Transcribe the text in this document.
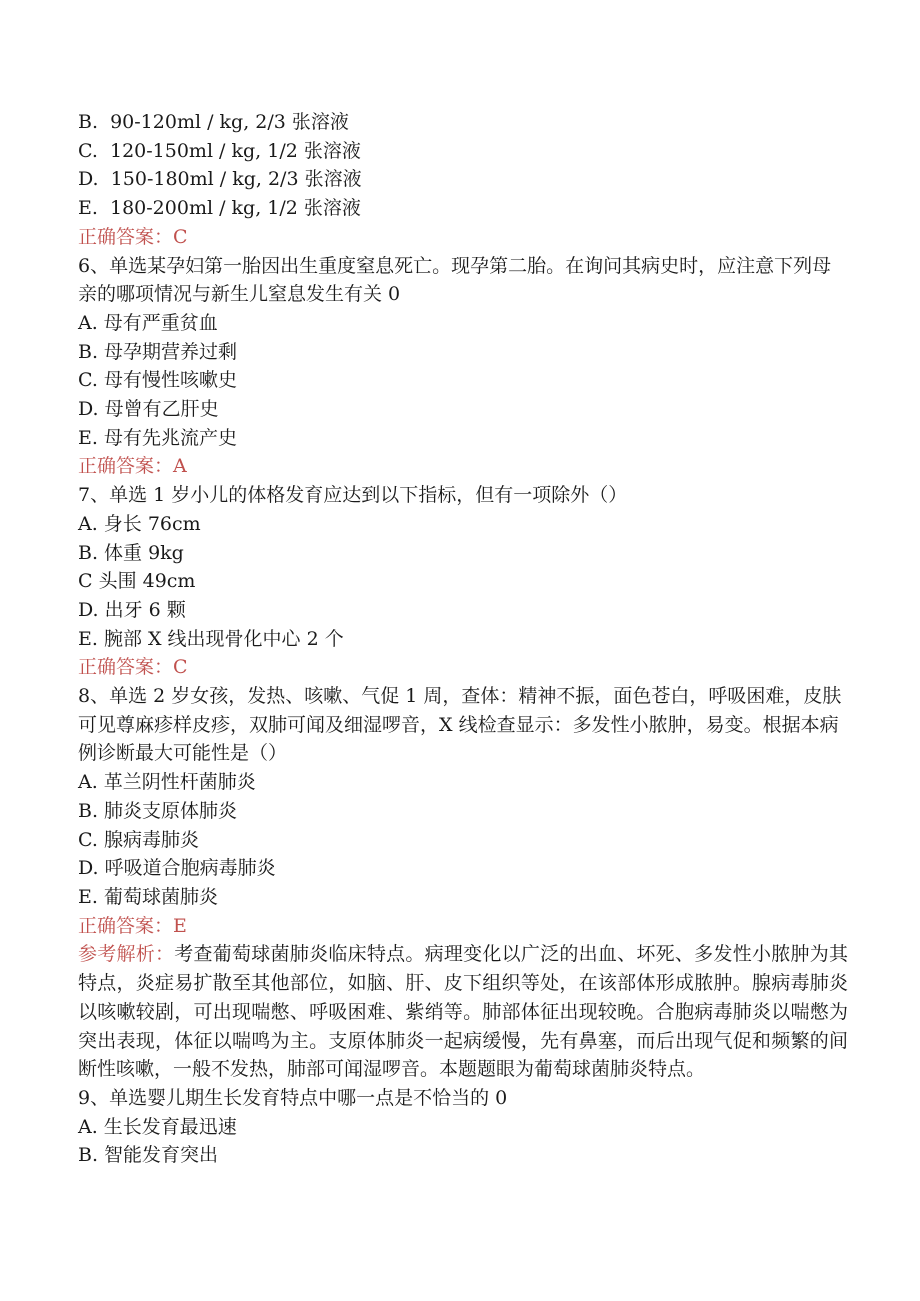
B.  90-120ml / kg, 2/3 张溶液
C.  120-150ml / kg, 1/2 张溶液
D.  150-180ml / kg, 2/3 张溶液
E.  180-200ml / kg, 1/2 张溶液
正确答案：C
6、单选某孕妇第一胎因出生重度窒息死亡。现孕第二胎。在询问其病史时，应注意下列母亲的哪项情况与新生儿窒息发生有关 0
A. 母有严重贫血
B. 母孕期营养过剩
C. 母有慢性咳嗽史
D. 母曾有乙肝史
E. 母有先兆流产史
正确答案：A
7、单选 1 岁小儿的体格发育应达到以下指标，但有一项除外（）
A. 身长 76cm
B. 体重 9kg
C 头围 49cm
D. 出牙 6 颗
E. 腕部 X 线出现骨化中心 2 个
正确答案：C
8、单选 2 岁女孩，发热、咳嗽、气促 1 周，查体：精神不振，面色苍白，呼吸困难，皮肤可见尊麻疹样皮疹，双肺可闻及细湿啰音，X 线检查显示：多发性小脓肿，易变。根据本病例诊断最大可能性是（）
A. 革兰阴性杆菌肺炎
B. 肺炎支原体肺炎
C. 腺病毒肺炎
D. 呼吸道合胞病毒肺炎
E. 葡萄球菌肺炎
正确答案：E
参考解析：考查葡萄球菌肺炎临床特点。病理变化以广泛的出血、坏死、多发性小脓肿为其特点，炎症易扩散至其他部位，如脑、肝、皮下组织等处，在该部体形成脓肿。腺病毒肺炎以咳嗽较剧，可出现喘憋、呼吸困难、紫绡等。肺部体征出现较晚。合胞病毒肺炎以喘憋为突出表现，体征以喘鸣为主。支原体肺炎一起病缓慢，先有鼻塞，而后出现气促和频繁的间断性咳嗽，一般不发热，肺部可闻湿啰音。本题题眼为葡萄球菌肺炎特点。
9、单选婴儿期生长发育特点中哪一点是不恰当的 0
A. 生长发育最迅速
B. 智能发育突出
